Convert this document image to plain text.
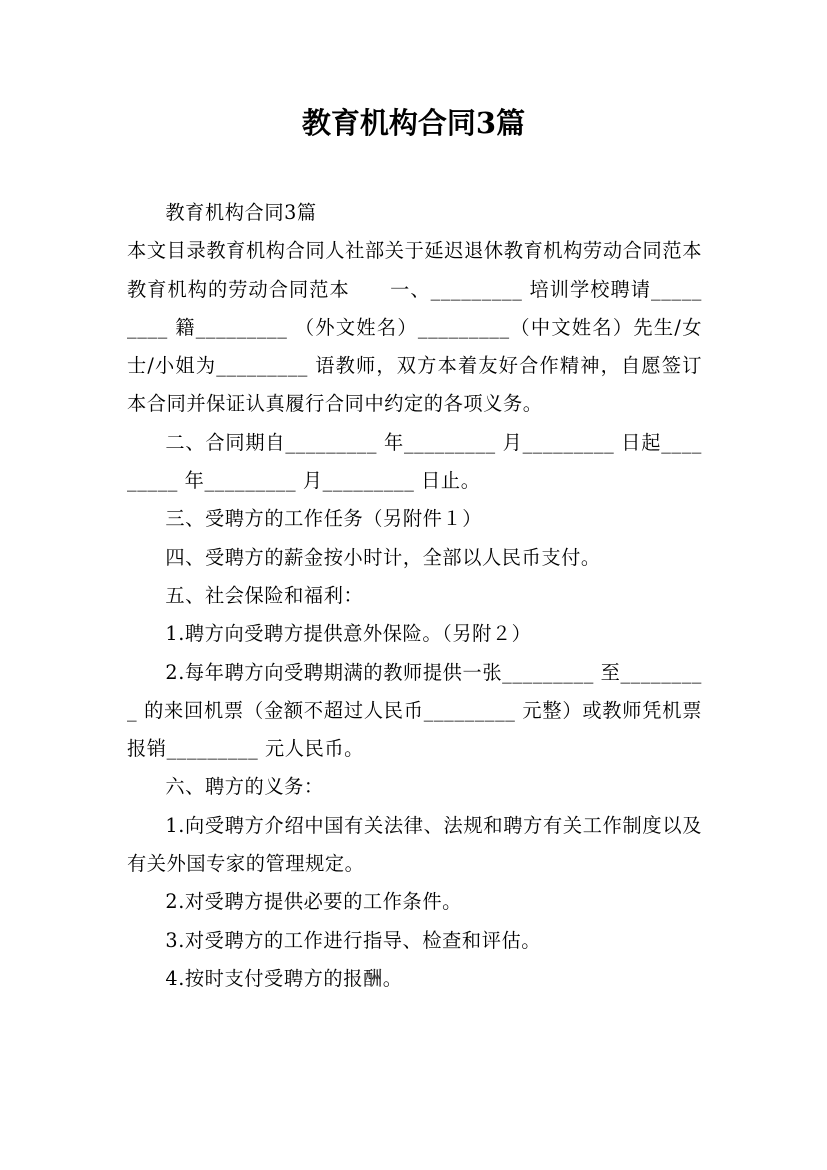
教育机构合同3篇

教育机构合同3篇

本文目录教育机构合同人社部关于延迟退休教育机构劳动合同范本教育机构的劳动合同范本　　一、_________ 培训学校聘请_________ 籍_________ （外文姓名）_________（中文姓名）先生/女士/小姐为_________ 语教师，双方本着友好合作精神，自愿签订本合同并保证认真履行合同中约定的各项义务。

二、合同期自_________ 年_________ 月_________ 日起_________ 年_________ 月_________ 日止。

三、受聘方的工作任务（另附件１）

四、受聘方的薪金按小时计，全部以人民币支付。

五、社会保险和福利：

1.聘方向受聘方提供意外保险。（另附２）

2.每年聘方向受聘期满的教师提供一张_________ 至_________ 的来回机票（金额不超过人民币_________ 元整）或教师凭机票报销_________ 元人民币。

六、聘方的义务：

1.向受聘方介绍中国有关法律、法规和聘方有关工作制度以及有关外国专家的管理规定。

2.对受聘方提供必要的工作条件。

3.对受聘方的工作进行指导、检查和评估。

4.按时支付受聘方的报酬。
